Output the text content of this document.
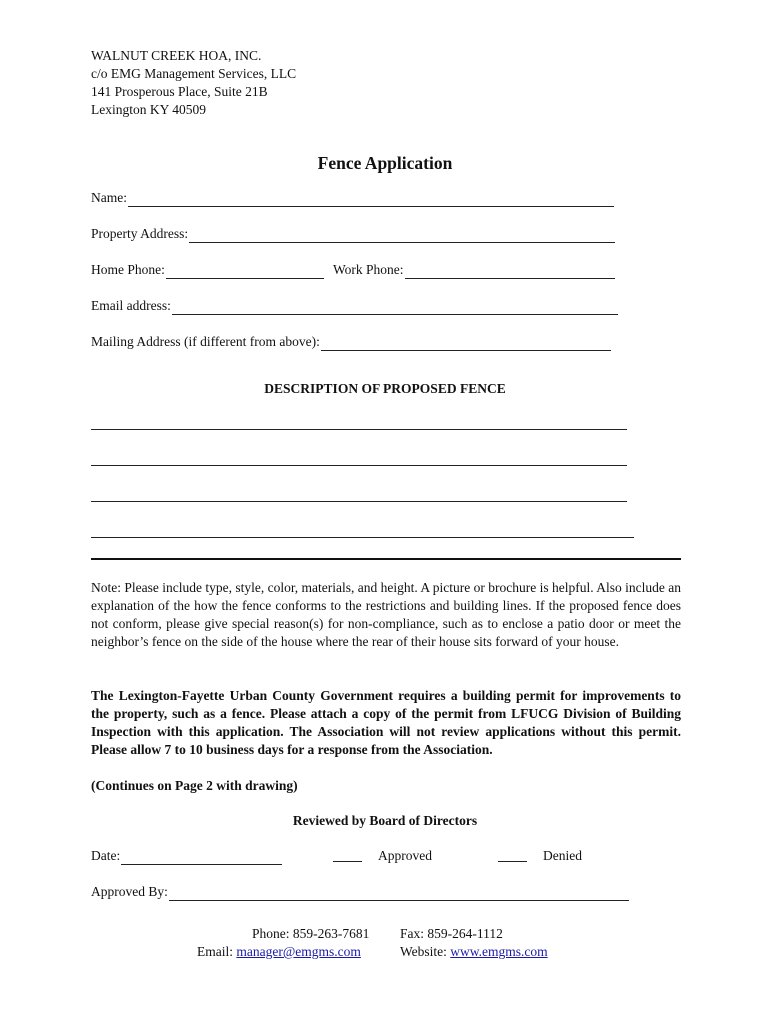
WALNUT CREEK HOA, INC.
c/o EMG Management Services, LLC
141 Prosperous Place, Suite 21B
Lexington KY 40509
Fence Application
Name:
Property Address:
Home Phone:	Work Phone:
Email address:
Mailing Address (if different from above):
DESCRIPTION OF PROPOSED FENCE
Note: Please include type, style, color, materials, and height. A picture or brochure is helpful. Also include an explanation of the how the fence conforms to the restrictions and building lines. If the proposed fence does not conform, please give special reason(s) for non-compliance, such as to enclose a patio door or meet the neighbor’s fence on the side of the house where the rear of their house sits forward of your house.
The Lexington-Fayette Urban County Government requires a building permit for improvements to the property, such as a fence. Please attach a copy of the permit from LFUCG Division of Building Inspection with this application. The Association will not review applications without this permit. Please allow 7 to 10 business days for a response from the Association.
(Continues on Page 2 with drawing)
Reviewed by Board of Directors
Date:	Approved	Denied
Approved By:
Phone: 859-263-7681 Fax: 859-264-1112
Email: manager@emgms.com	Website: www.emgms.com
